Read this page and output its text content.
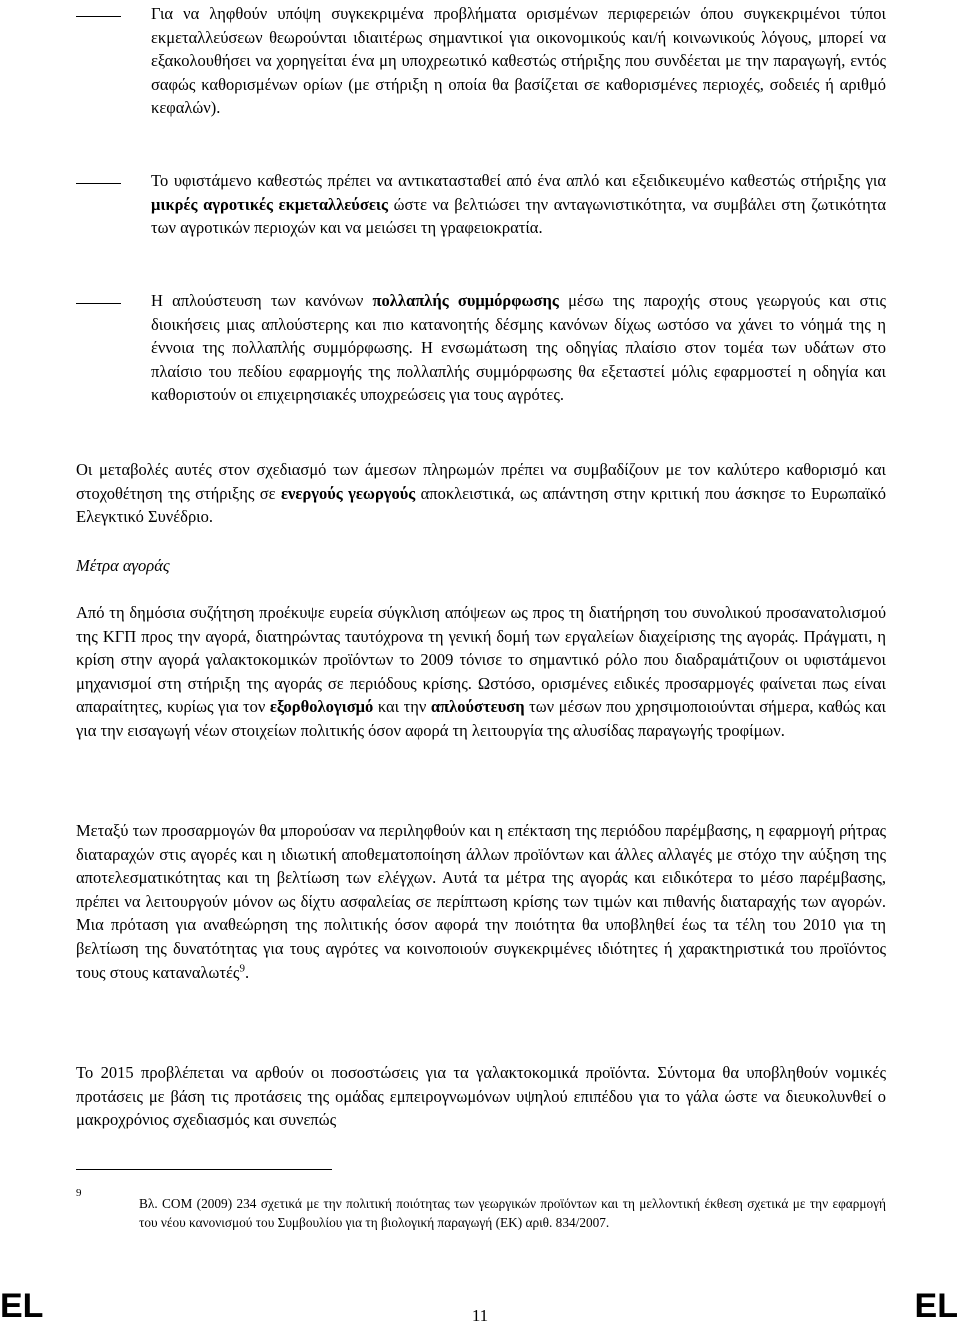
Για να ληφθούν υπόψη συγκεκριμένα προβλήματα ορισμένων περιφερειών όπου συγκεκριμένοι τύποι εκμεταλλεύσεων θεωρούνται ιδιαιτέρως σημαντικοί για οικονομικούς και/ή κοινωνικούς λόγους, μπορεί να εξακολουθήσει να χορηγείται ένα μη υποχρεωτικό καθεστώς στήριξης που συνδέεται με την παραγωγή, εντός σαφώς καθορισμένων ορίων (με στήριξη η οποία θα βασίζεται σε καθορισμένες περιοχές, σοδειές ή αριθμό κεφαλών).
Το υφιστάμενο καθεστώς πρέπει να αντικατασταθεί από ένα απλό και εξειδικευμένο καθεστώς στήριξης για μικρές αγροτικές εκμεταλλεύσεις ώστε να βελτιώσει την ανταγωνιστικότητα, να συμβάλει στη ζωτικότητα των αγροτικών περιοχών και να μειώσει τη γραφειοκρατία.
Η απλούστευση των κανόνων πολλαπλής συμμόρφωσης μέσω της παροχής στους γεωργούς και στις διοικήσεις μιας απλούστερης και πιο κατανοητής δέσμης κανόνων δίχως ωστόσο να χάνει το νόημά της η έννοια της πολλαπλής συμμόρφωσης. Η ενσωμάτωση της οδηγίας πλαίσιο στον τομέα των υδάτων στο πλαίσιο του πεδίου εφαρμογής της πολλαπλής συμμόρφωσης θα εξεταστεί μόλις εφαρμοστεί η οδηγία και καθοριστούν οι επιχειρησιακές υποχρεώσεις για τους αγρότες.
Οι μεταβολές αυτές στον σχεδιασμό των άμεσων πληρωμών πρέπει να συμβαδίζουν με τον καλύτερο καθορισμό και στοχοθέτηση της στήριξης σε ενεργούς γεωργούς αποκλειστικά, ως απάντηση στην κριτική που άσκησε το Ευρωπαϊκό Ελεγκτικό Συνέδριο.
Μέτρα αγοράς
Από τη δημόσια συζήτηση προέκυψε ευρεία σύγκλιση απόψεων ως προς τη διατήρηση του συνολικού προσανατολισμού της ΚΓΠ προς την αγορά, διατηρώντας ταυτόχρονα τη γενική δομή των εργαλείων διαχείρισης της αγοράς. Πράγματι, η κρίση στην αγορά γαλακτοκομικών προϊόντων το 2009 τόνισε το σημαντικό ρόλο που διαδραμάτιζουν οι υφιστάμενοι μηχανισμοί στη στήριξη της αγοράς σε περιόδους κρίσης. Ωστόσο, ορισμένες ειδικές προσαρμογές φαίνεται πως είναι απαραίτητες, κυρίως για τον εξορθολογισμό και την απλούστευση των μέσων που χρησιμοποιούνται σήμερα, καθώς και για την εισαγωγή νέων στοιχείων πολιτικής όσον αφορά τη λειτουργία της αλυσίδας παραγωγής τροφίμων.
Μεταξύ των προσαρμογών θα μπορούσαν να περιληφθούν και η επέκταση της περιόδου παρέμβασης, η εφαρμογή ρήτρας διαταραχών στις αγορές και η ιδιωτική αποθεματοποίηση άλλων προϊόντων και άλλες αλλαγές με στόχο την αύξηση της αποτελεσματικότητας και τη βελτίωση των ελέγχων. Αυτά τα μέτρα της αγοράς και ειδικότερα το μέσο παρέμβασης, πρέπει να λειτουργούν μόνον ως δίχτυ ασφαλείας σε περίπτωση κρίσης των τιμών και πιθανής διαταραχής των αγορών. Μια πρόταση για αναθεώρηση της πολιτικής όσον αφορά την ποιότητα θα υποβληθεί έως τα τέλη του 2010 για τη βελτίωση της δυνατότητας για τους αγρότες να κοινοποιούν συγκεκριμένες ιδιότητες ή χαρακτηριστικά του προϊόντος τους στους καταναλωτές$^9$.
Το 2015 προβλέπεται να αρθούν οι ποσοστώσεις για τα γαλακτοκομικά προϊόντα. Σύντομα θα υποβληθούν νομικές προτάσεις με βάση τις προτάσεις της ομάδας εμπειρογνωμόνων υψηλού επιπέδου για το γάλα ώστε να διευκολυνθεί ο μακροχρόνιος σχεδιασμός και συνεπώς
9
Βλ. COM (2009) 234 σχετικά με την πολιτική ποιότητας των γεωργικών προϊόντων και τη μελλοντική έκθεση σχετικά με την εφαρμογή του νέου κανονισμού του Συμβουλίου για τη βιολογική παραγωγή (ΕΚ) αριθ. 834/2007.
EL	11	EL
